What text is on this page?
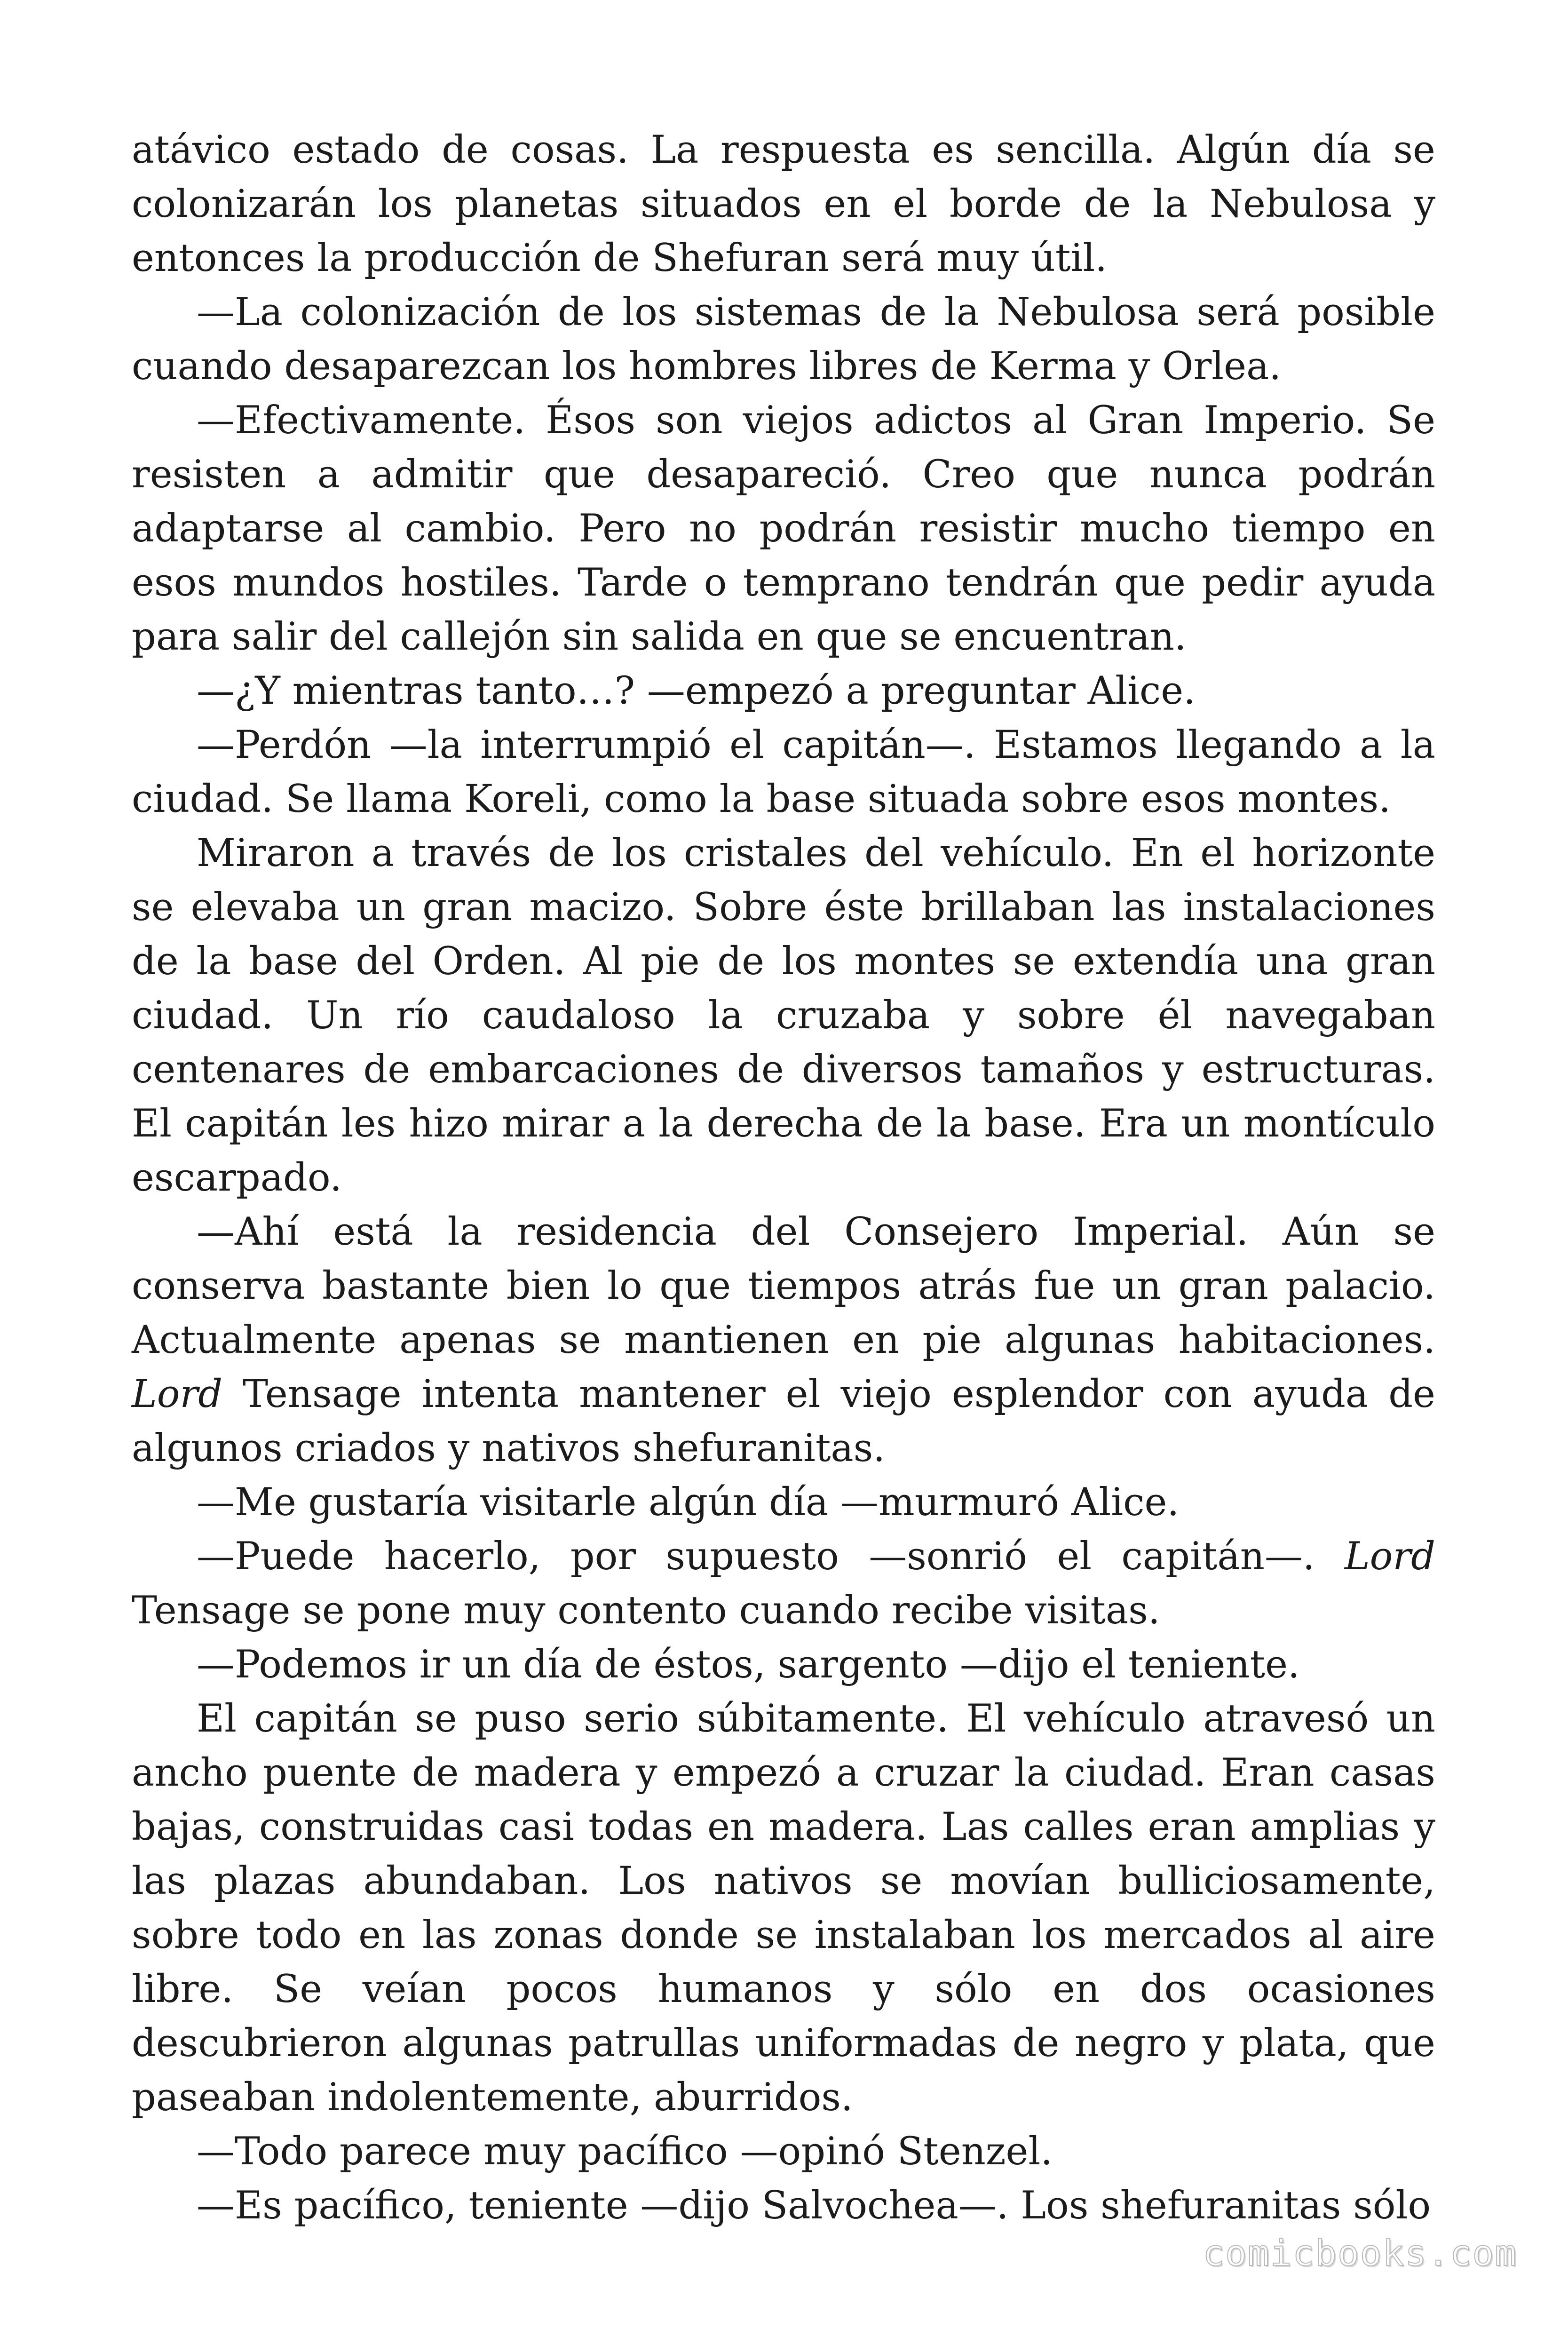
atávico estado de cosas. La respuesta es sencilla. Algún día se colonizarán los planetas situados en el borde de la Nebulosa y entonces la producción de Shefuran será muy útil.

—La colonización de los sistemas de la Nebulosa será posible cuando desaparezcan los hombres libres de Kerma y Orlea.

—Efectivamente. Ésos son viejos adictos al Gran Imperio. Se resisten a admitir que desapareció. Creo que nunca podrán adaptarse al cambio. Pero no podrán resistir mucho tiempo en esos mundos hostiles. Tarde o temprano tendrán que pedir ayuda para salir del callejón sin salida en que se encuentran.

—¿Y mientras tanto…? —empezó a preguntar Alice.

—Perdón —la interrumpió el capitán—. Estamos llegando a la ciudad. Se llama Koreli, como la base situada sobre esos montes.

Miraron a través de los cristales del vehículo. En el horizonte se elevaba un gran macizo. Sobre éste brillaban las instalaciones de la base del Orden. Al pie de los montes se extendía una gran ciudad. Un río caudaloso la cruzaba y sobre él navegaban centenares de embarcaciones de diversos tamaños y estructuras. El capitán les hizo mirar a la derecha de la base. Era un montículo escarpado.

—Ahí está la residencia del Consejero Imperial. Aún se conserva bastante bien lo que tiempos atrás fue un gran palacio. Actualmente apenas se mantienen en pie algunas habitaciones. Lord Tensage intenta mantener el viejo esplendor con ayuda de algunos criados y nativos shefuranitas.

—Me gustaría visitarle algún día —murmuró Alice.

—Puede hacerlo, por supuesto —sonrió el capitán—. Lord Tensage se pone muy contento cuando recibe visitas.

—Podemos ir un día de éstos, sargento —dijo el teniente.

El capitán se puso serio súbitamente. El vehículo atravesó un ancho puente de madera y empezó a cruzar la ciudad. Eran casas bajas, construidas casi todas en madera. Las calles eran amplias y las plazas abundaban. Los nativos se movían bulliciosamente, sobre todo en las zonas donde se instalaban los mercados al aire libre. Se veían pocos humanos y sólo en dos ocasiones descubrieron algunas patrullas uniformadas de negro y plata, que paseaban indolentemente, aburridos.

—Todo parece muy pacífico —opinó Stenzel.

—Es pacífico, teniente —dijo Salvochea—. Los shefuranitas sólo

comicbooks.com
